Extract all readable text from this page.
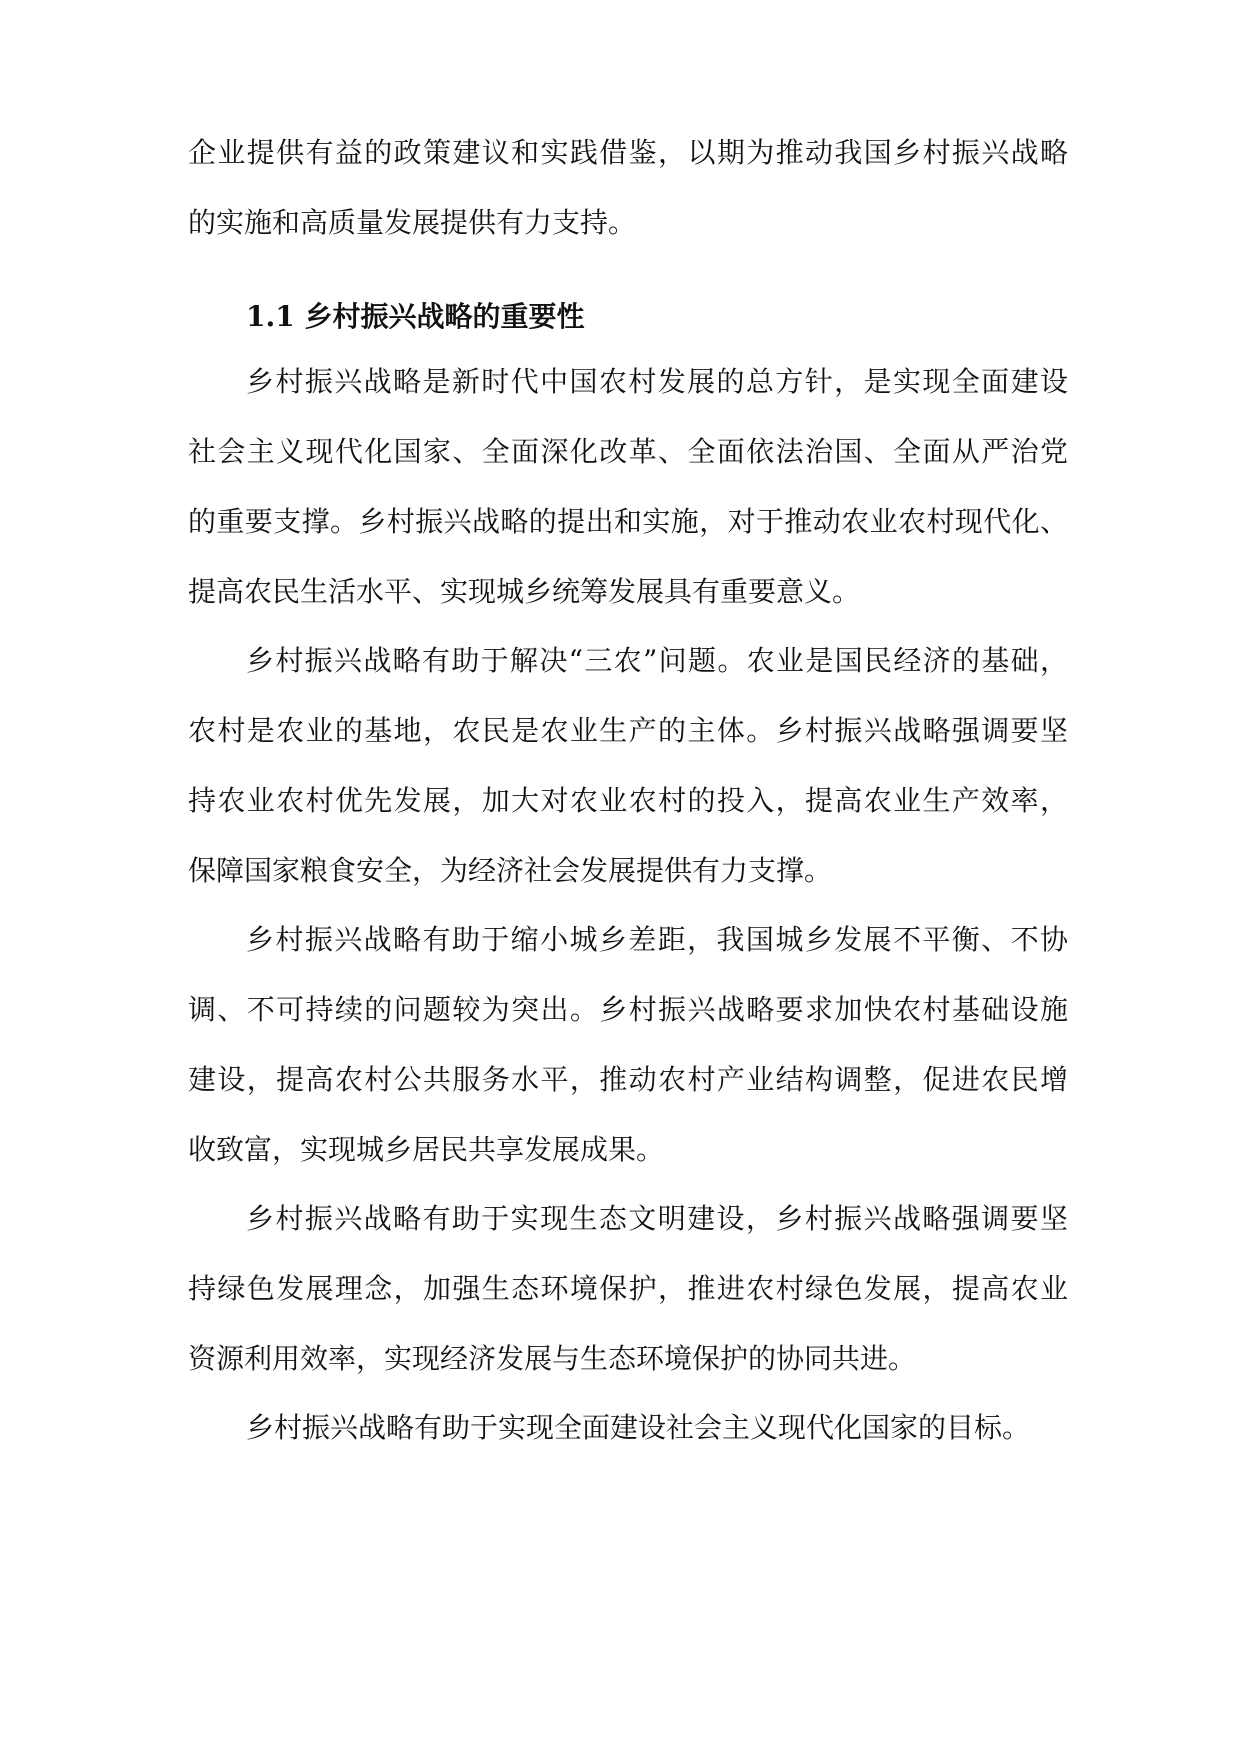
企业提供有益的政策建议和实践借鉴，以期为推动我国乡村振兴战略
的实施和高质量发展提供有力支持。
1.1 乡村振兴战略的重要性
乡村振兴战略是新时代中国农村发展的总方针，是实现全面建设
社会主义现代化国家、全面深化改革、全面依法治国、全面从严治党
的重要支撑。乡村振兴战略的提出和实施，对于推动农业农村现代化、
提高农民生活水平、实现城乡统筹发展具有重要意义。
乡村振兴战略有助于解决“三农”问题。农业是国民经济的基础，
农村是农业的基地，农民是农业生产的主体。乡村振兴战略强调要坚
持农业农村优先发展，加大对农业农村的投入，提高农业生产效率，
保障国家粮食安全，为经济社会发展提供有力支撑。
乡村振兴战略有助于缩小城乡差距，我国城乡发展不平衡、不协
调、不可持续的问题较为突出。乡村振兴战略要求加快农村基础设施
建设，提高农村公共服务水平，推动农村产业结构调整，促进农民增
收致富，实现城乡居民共享发展成果。
乡村振兴战略有助于实现生态文明建设，乡村振兴战略强调要坚
持绿色发展理念，加强生态环境保护，推进农村绿色发展，提高农业
资源利用效率，实现经济发展与生态环境保护的协同共进。
乡村振兴战略有助于实现全面建设社会主义现代化国家的目标。
